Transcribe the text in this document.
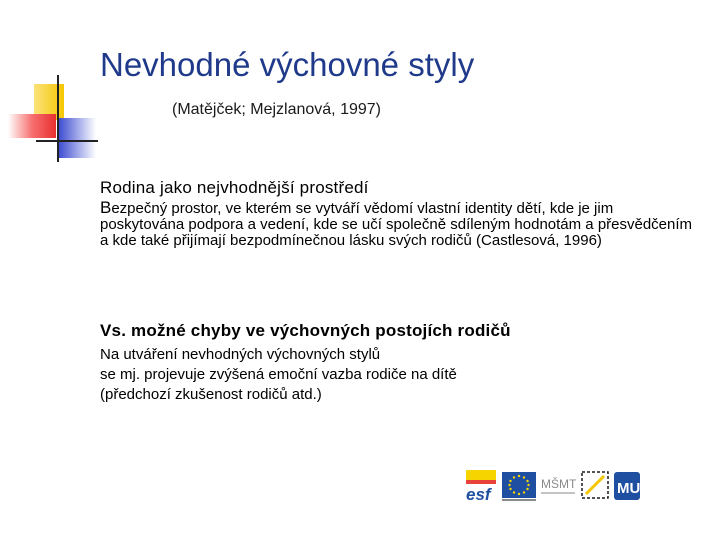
Nevhodné výchovné styly
(Matějček; Mejzlanová, 1997)

Rodina jako nejvhodnější prostředí

Bezpečný prostor, ve kterém se vytváří vědomí vlastní identity dětí, kde je jim poskytována podpora a vedení, kde se učí společně sdíleným hodnotám a přesvědčením a kde také přijímají bezpodmínečnou lásku svých rodičů (Castlesová, 1996)

Vs. možné chyby ve výchovných postojích rodičů

Na utváření nevhodných výchovných stylů

se mj. projevuje zvýšená emoční vazba rodiče na dítě

(předchozí zkušenost rodičů atd.)

esf
MŠMT	MU
